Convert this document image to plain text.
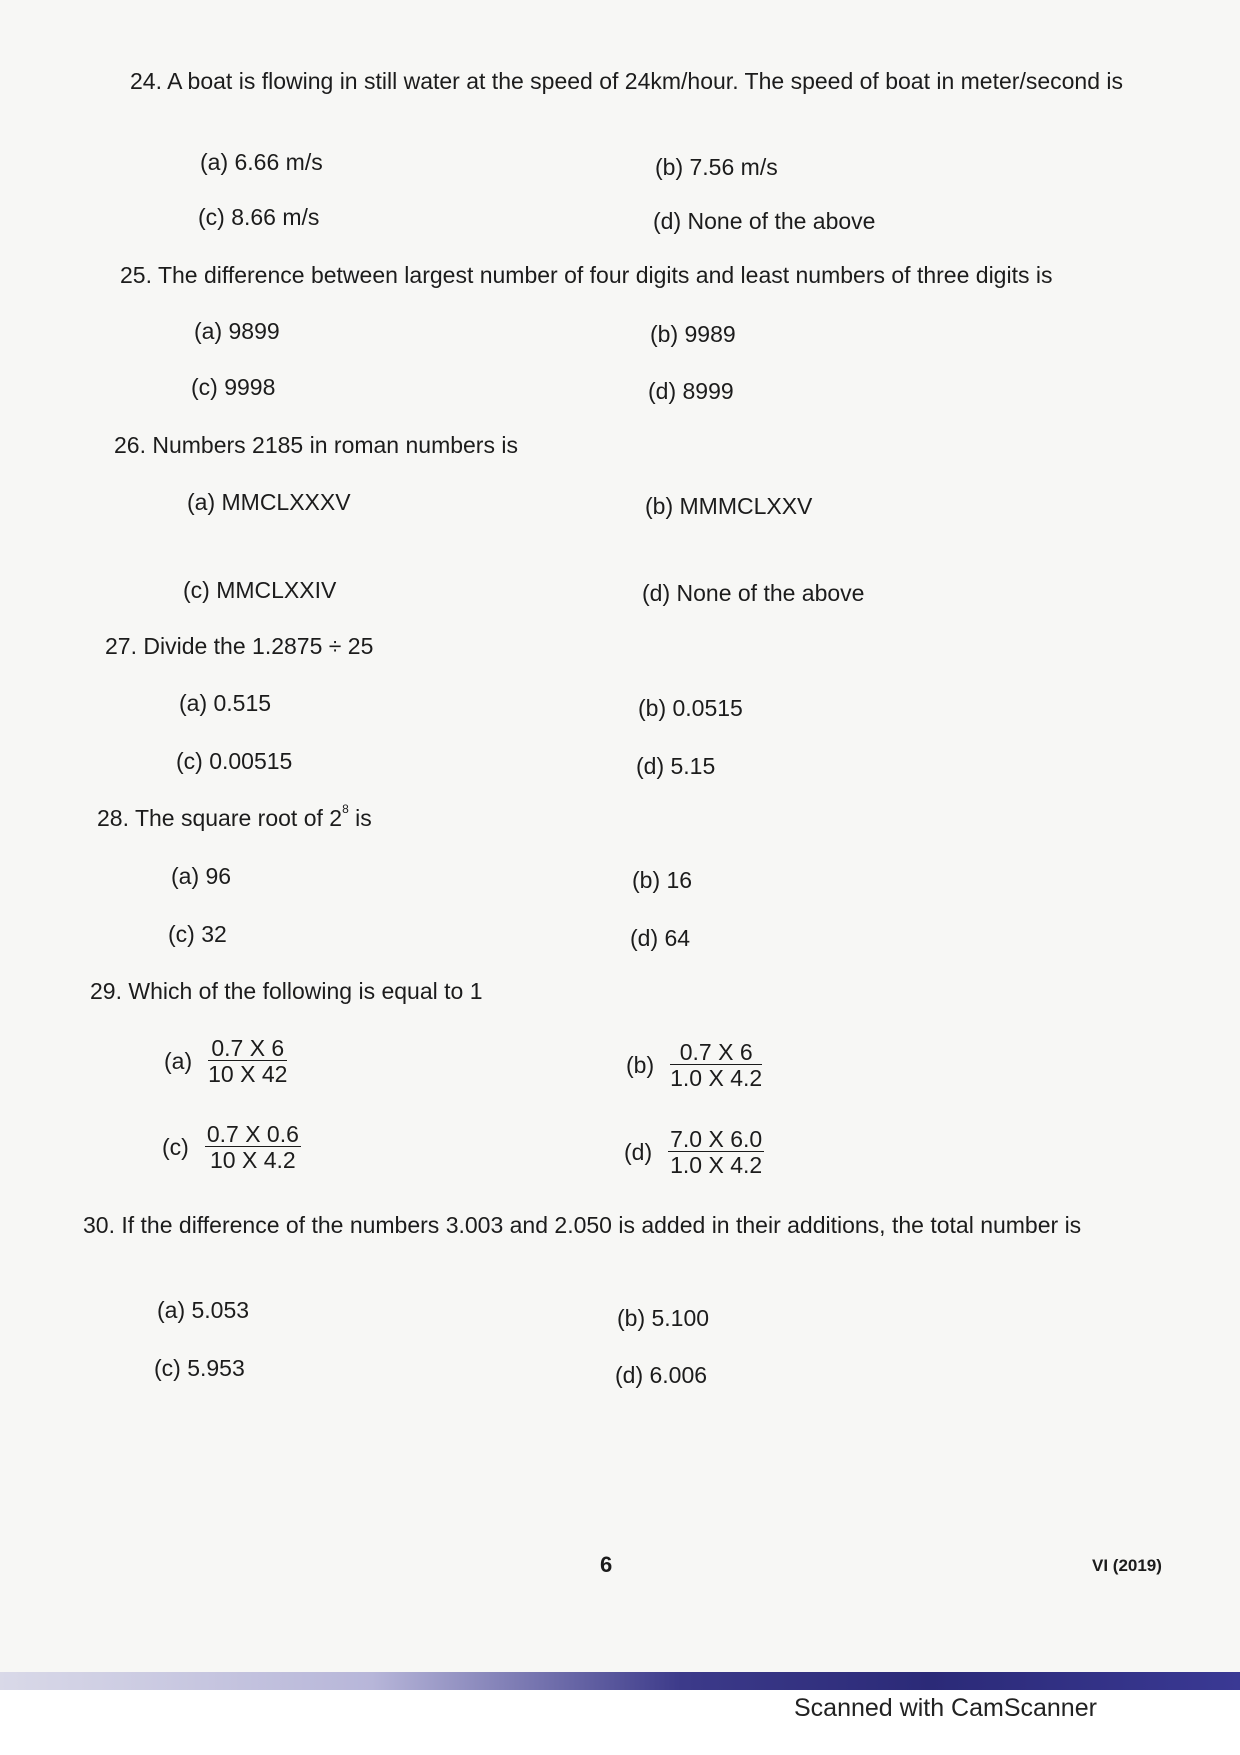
24. A boat is flowing in still water at the speed of 24km/hour. The speed of boat in meter/second is
(a) 6.66 m/s	(b) 7.56 m/s
(c) 8.66 m/s	(d) None of the above
25. The difference between largest number of four digits and least numbers of three digits is
(a) 9899	(b) 9989
(c) 9998	(d) 8999
26. Numbers 2185 in roman numbers is
(a) MMCLXXXV	(b) MMMCLXXV
(c) MMCLXXIV	(d) None of the above
27. Divide the 1.2875 ÷ 25
(a) 0.515	(b) 0.0515
(c) 0.00515	(d) 5.15
28. The square root of $2^8$ is
(a) 96	(b) 16
(c) 32	(d) 64
29. Which of the following is equal to 1
$(a) \frac{0.7 X 6}{10 X 42}$	$(b) \frac{0.7 X 6}{1.0 X 4.2}$
$(c) \frac{0.7 X 0.6}{10 X 4.2}$	$(d) \frac{7.0 X 6.0}{1.0 X 4.2}$
30. If the difference of the numbers 3.003 and 2.050 is added in their additions, the total number is
(a) 5.053	(b) 5.100
(c) 5.953	(d) 6.006
6	VI (2019)
Scanned with CamScanner
